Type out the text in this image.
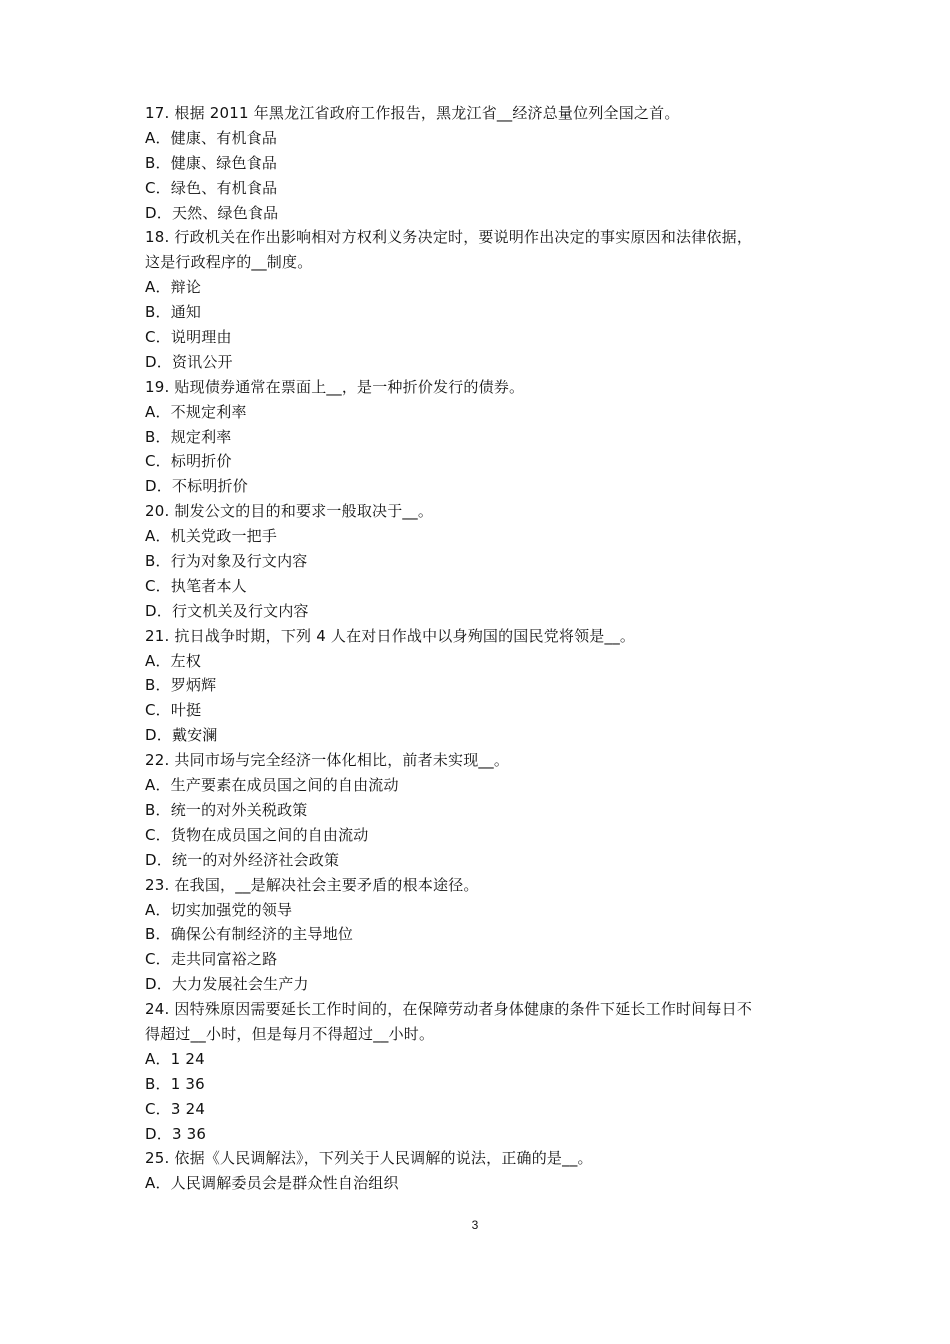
17. 根据 2011 年黑龙江省政府工作报告，黑龙江省__经济总量位列全国之首。
A．健康、有机食品
B．健康、绿色食品
C．绿色、有机食品
D．天然、绿色食品
18. 行政机关在作出影响相对方权利义务决定时，要说明作出决定的事实原因和法律依据，
这是行政程序的__制度。
A．辩论
B．通知
C．说明理由
D．资讯公开
19. 贴现债券通常在票面上__，是一种折价发行的债券。
A．不规定利率
B．规定利率
C．标明折价
D．不标明折价
20. 制发公文的目的和要求一般取决于__。
A．机关党政一把手
B．行为对象及行文内容
C．执笔者本人
D．行文机关及行文内容
21. 抗日战争时期，下列 4 人在对日作战中以身殉国的国民党将领是__。
A．左权
B．罗炳辉
C．叶挺
D．戴安澜
22. 共同市场与完全经济一体化相比，前者未实现__。
A．生产要素在成员国之间的自由流动
B．统一的对外关税政策
C．货物在成员国之间的自由流动
D．统一的对外经济社会政策
23. 在我国，__是解决社会主要矛盾的根本途径。
A．切实加强党的领导
B．确保公有制经济的主导地位
C．走共同富裕之路
D．大力发展社会生产力
24. 因特殊原因需要延长工作时间的，在保障劳动者身体健康的条件下延长工作时间每日不
得超过__小时，但是每月不得超过__小时。
A．1 24
B．1 36
C．3 24
D．3 36
25. 依据《人民调解法》，下列关于人民调解的说法，正确的是__。
A．人民调解委员会是群众性自治组织
3
